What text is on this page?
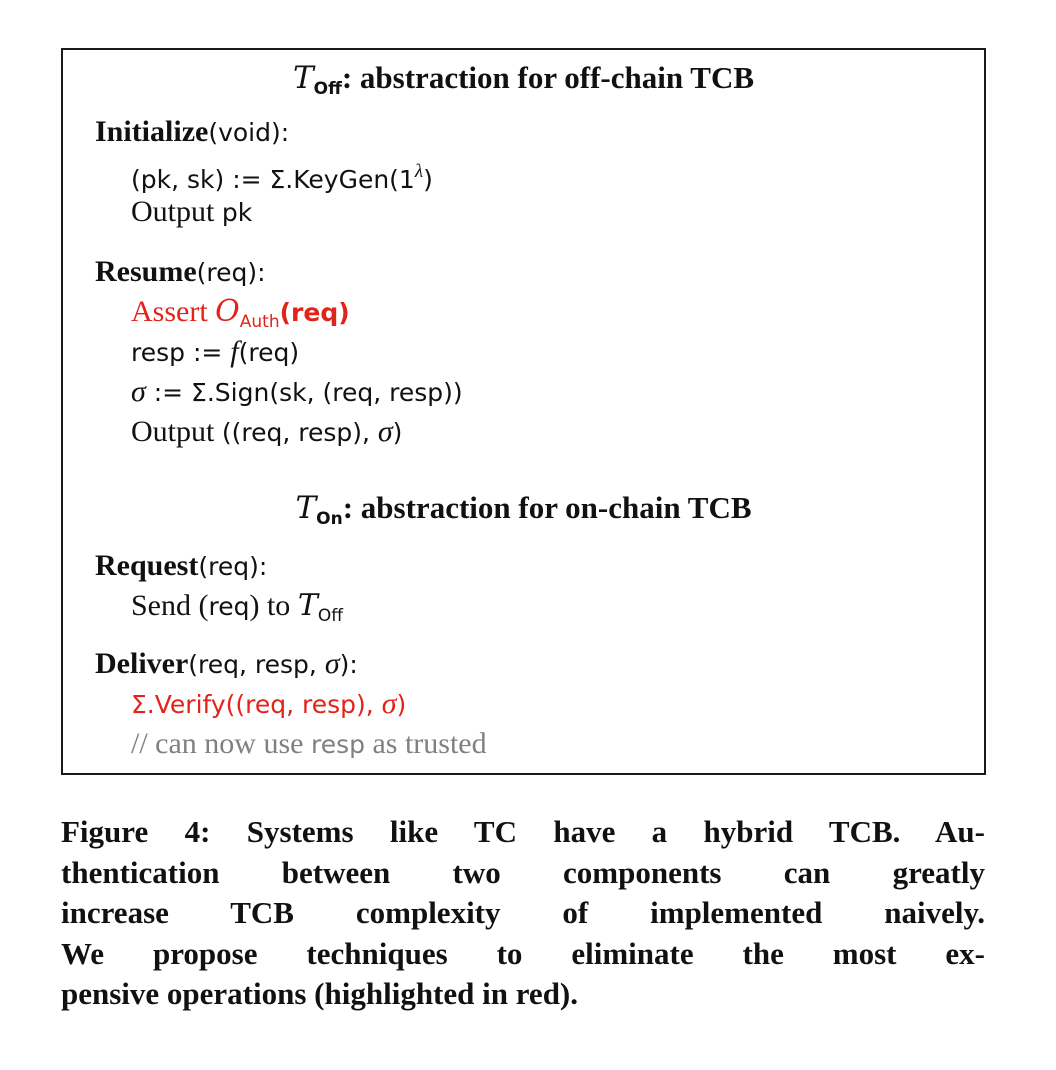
$T_{Off}$: abstraction for off-chain TCB
Initialize(void):
(pk, sk) := $\Sigma.KeyGen(1^\lambda)$
Output pk
Resume(req):
Assert $O_{Auth}(req)$
resp := f(req)
σ := Σ.Sign(sk, (req, resp))
Output ((req, resp), σ)
$T_{On}$: abstraction for on-chain TCB
Request(req):
Send (req) to $T_{Off}$
Deliver(req, resp, σ):
Σ.Verify((req, resp), σ)
// can now use resp as trusted
Figure 4: Systems like TC have a hybrid TCB. Au-
thentication between two components can greatly
increase TCB complexity of implemented naively.
We propose techniques to eliminate the most ex-
pensive operations (highlighted in red).
